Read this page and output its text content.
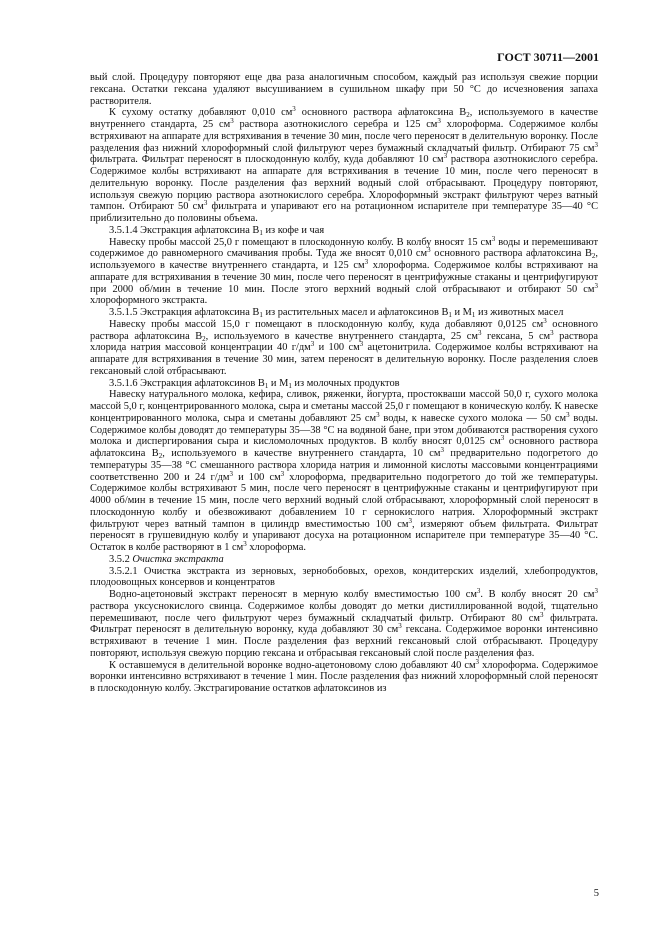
ГОСТ 30711—2001

вый слой. Процедуру повторяют еще два раза аналогичным способом, каждый раз используя свежие порции гексана. Остатки гексана удаляют высушиванием в сушильном шкафу при 50 °С до исчезновения запаха растворителя.

К сухому остатку добавляют 0,010 $см^3$ основного раствора афлатоксина $В_2$, используемого в качестве внутреннего стандарта, 25 $см^3$ раствора азотнокислого серебра и 125 $см^3$ хлороформа. Содержимое колбы встряхивают на аппарате для встряхивания в течение 30 мин, после чего переносят в делительную воронку. После разделения фаз нижний хлороформный слой фильтруют через бумажный складчатый фильтр. Отбирают 75 $см^3$ фильтрата. Фильтрат переносят в плоскодонную колбу, куда добавляют 10 $см^3$ раствора азотнокислого серебра. Содержимое колбы встряхивают на аппарате для встряхивания в течение 10 мин, после чего переносят в делительную воронку. После разделения фаз верхний водный слой отбрасывают. Процедуру повторяют, используя свежую порцию раствора азотнокислого серебра. Хлороформный экстракт фильтруют через ватный тампон. Отбирают 50 $см^3$ фильтрата и упаривают его на ротационном испарителе при температуре 35—40 °С приблизительно до половины объема.

3.5.1.4 Экстракция афлатоксина $В_1$ из кофе и чая

Навеску пробы массой 25,0 г помещают в плоскодонную колбу. В колбу вносят 15 $см^3$ воды и перемешивают содержимое до равномерного смачивания пробы. Туда же вносят 0,010 $см^3$ основного раствора афлатоксина $В_2$, используемого в качестве внутреннего стандарта, и 125 $см^3$ хлороформа. Содержимое колбы встряхивают на аппарате для встряхивания в течение 30 мин, после чего переносят в центрифужные стаканы и центрифугируют при 2000 об/мин в течение 10 мин. После этого верхний водный слой отбрасывают и отбирают 50 $см^3$ хлороформного экстракта.

3.5.1.5 Экстракция афлатоксина $В_1$ из растительных масел и афлатоксинов $В_1$ и $М_1$ из животных масел

Навеску пробы массой 15,0 г помещают в плоскодонную колбу, куда добавляют 0,0125 $см^3$ основного раствора афлатоксина $В_2$, используемого в качестве внутреннего стандарта, 25 $см^3$ гексана, 5 $см^3$ раствора хлорида натрия массовой концентрации 40 $г/дм^3$ и 100 $см^3$ ацетонитрила. Содержимое колбы встряхивают на аппарате для встряхивания в течение 30 мин, затем переносят в делительную воронку. После разделения слоев гексановый слой отбрасывают.

3.5.1.6 Экстракция афлатоксинов $В_1$ и $М_1$ из молочных продуктов

Навеску натурального молока, кефира, сливок, ряженки, йогурта, простокваши массой 50,0 г, сухого молока массой 5,0 г, концентрированного молока, сыра и сметаны массой 25,0 г помещают в коническую колбу. К навеске концентрированного молока, сыра и сметаны добавляют 25 $см^3$ воды, к навеске сухого молока — 50 $см^3$ воды. Содержимое колбы доводят до температуры 35—38 °С на водяной бане, при этом добиваются растворения сухого молока и диспергирования сыра и кисломолочных продуктов. В колбу вносят 0,0125 $см^3$ основного раствора афлатоксина $В_2$, используемого в качестве внутреннего стандарта, 10 $см^3$ предварительно подогретого до температуры 35—38 °С смешанного раствора хлорида натрия и лимонной кислоты массовыми концентрациями соответственно 200 и 24 $г/дм^3$ и 100 $см^3$ хлороформа, предварительно подогретого до той же температуры. Содержимое колбы встряхивают 5 мин, после чего переносят в центрифужные стаканы и центрифугируют при 4000 об/мин в течение 15 мин, после чего верхний водный слой отбрасывают, хлороформный слой переносят в плоскодонную колбу и обезвоживают добавлением 10 г сернокислого натрия. Хлороформный экстракт фильтруют через ватный тампон в цилиндр вместимостью 100 $см^3$, измеряют объем фильтрата. Фильтрат переносят в грушевидную колбу и упаривают досуха на ротационном испарителе при температуре 35—40 °С. Остаток в колбе растворяют в 1 $см^3$ хлороформа.

3.5.2 Очистка экстракта

3.5.2.1 Очистка экстракта из зерновых, зернобобовых, орехов, кондитерских изделий, хлебопродуктов, плодоовощных консервов и концентратов

Водно-ацетоновый экстракт переносят в мерную колбу вместимостью 100 $см^3$. В колбу вносят 20 $см^3$ раствора уксуснокислого свинца. Содержимое колбы доводят до метки дистиллированной водой, тщательно перемешивают, после чего фильтруют через бумажный складчатый фильтр. Отбирают 80 $см^3$ фильтрата. Фильтрат переносят в делительную воронку, куда добавляют 30 $см^3$ гексана. Содержимое воронки интенсивно встряхивают в течение 1 мин. После разделения фаз верхний гексановый слой отбрасывают. Процедуру повторяют, используя свежую порцию гексана и отбрасывая гексановый слой после разделения фаз.

К оставшемуся в делительной воронке водно-ацетоновому слою добавляют 40 $см^3$ хлороформа. Содержимое воронки интенсивно встряхивают в течение 1 мин. После разделения фаз нижний хлороформный слой переносят в плоскодонную колбу. Экстрагирование остатков афлатоксинов из

5
